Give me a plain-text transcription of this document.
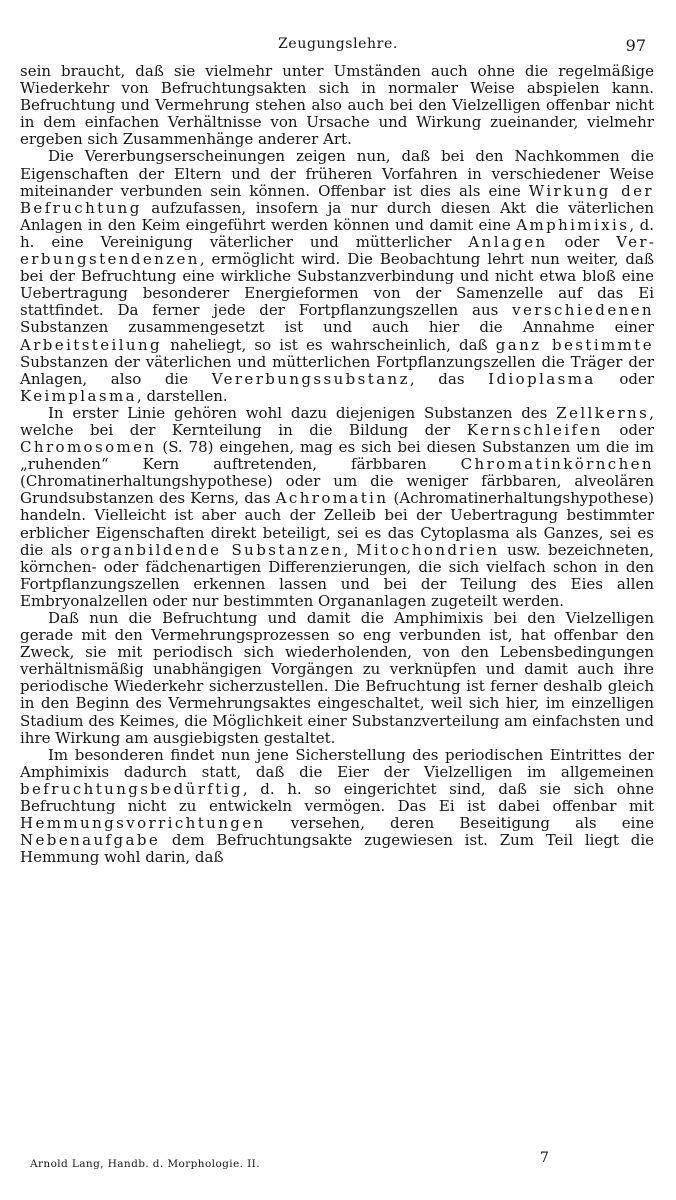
Zeugungslehre.	97

sein braucht, daß sie vielmehr unter Umständen auch ohne die regelmäßige Wiederkehr von Befruchtungsakten sich in normaler Weise abspielen kann. Befruchtung und Vermehrung stehen also auch bei den Vielzelligen offenbar nicht in dem einfachen Verhältnisse von Ursache und Wirkung zueinander, vielmehr ergeben sich Zusammenhänge anderer Art.

Die Vererbungserscheinungen zeigen nun, daß bei den Nachkommen die Eigenschaften der Eltern und der früheren Vorfahren in verschiedener Weise miteinander verbunden sein können. Offenbar ist dies als eine Wirkung der Befruchtung aufzufassen, insofern ja nur durch diesen Akt die väterlichen Anlagen in den Keim eingeführt werden können und damit eine Amphimixis, d. h. eine Vereinigung väterlicher und mütterlicher Anlagen oder Vererbungstendenzen, ermöglicht wird. Die Beobachtung lehrt nun weiter, daß bei der Befruchtung eine wirkliche Substanzverbindung und nicht etwa bloß eine Uebertragung besonderer Energieformen von der Samenzelle auf das Ei stattfindet. Da ferner jede der Fortpflanzungszellen aus verschiedenen Substanzen zusammengesetzt ist und auch hier die Annahme einer Arbeitsteilung naheliegt, so ist es wahrscheinlich, daß ganz bestimmte Substanzen der väterlichen und mütterlichen Fortpflanzungszellen die Träger der Anlagen, also die Vererbungssubstanz, das Idioplasma oder Keimplasma, darstellen.

In erster Linie gehören wohl dazu diejenigen Substanzen des Zellkerns, welche bei der Kernteilung in die Bildung der Kernschleifen oder Chromosomen (S. 78) eingehen, mag es sich bei diesen Substanzen um die im „ruhenden“ Kern auftretenden, färbbaren Chromatinkörnchen (Chromatinerhaltungshypothese) oder um die weniger färbbaren, alveolären Grundsubstanzen des Kerns, das Achromatin (Achromatinerhaltungshypothese) handeln. Vielleicht ist aber auch der Zelleib bei der Uebertragung bestimmter erblicher Eigenschaften direkt beteiligt, sei es das Cytoplasma als Ganzes, sei es die als organbildende Substanzen, Mitochondrien usw. bezeichneten, körnchen- oder fädchenartigen Differenzierungen, die sich vielfach schon in den Fortpflanzungszellen erkennen lassen und bei der Teilung des Eies allen Embryonalzellen oder nur bestimmten Organanlagen zugeteilt werden.

Daß nun die Befruchtung und damit die Amphimixis bei den Vielzelligen gerade mit den Vermehrungsprozessen so eng verbunden ist, hat offenbar den Zweck, sie mit periodisch sich wiederholenden, von den Lebensbedingungen verhältnismäßig unabhängigen Vorgängen zu verknüpfen und damit auch ihre periodische Wiederkehr sicherzustellen. Die Befruchtung ist ferner deshalb gleich in den Beginn des Vermehrungsaktes eingeschaltet, weil sich hier, im einzelligen Stadium des Keimes, die Möglichkeit einer Substanzverteilung am einfachsten und ihre Wirkung am ausgiebigsten gestaltet.

Im besonderen findet nun jene Sicherstellung des periodischen Eintrittes der Amphimixis dadurch statt, daß die Eier der Vielzelligen im allgemeinen befruchtungsbedürftig, d. h. so eingerichtet sind, daß sie sich ohne Befruchtung nicht zu entwickeln vermögen. Das Ei ist dabei offenbar mit Hemmungsvorrichtungen versehen, deren Beseitigung als eine Nebenaufgabe dem Befruchtungsakte zugewiesen ist. Zum Teil liegt die Hemmung wohl darin, daß

Arnold Lang, Handb. d. Morphologie. II.	7
